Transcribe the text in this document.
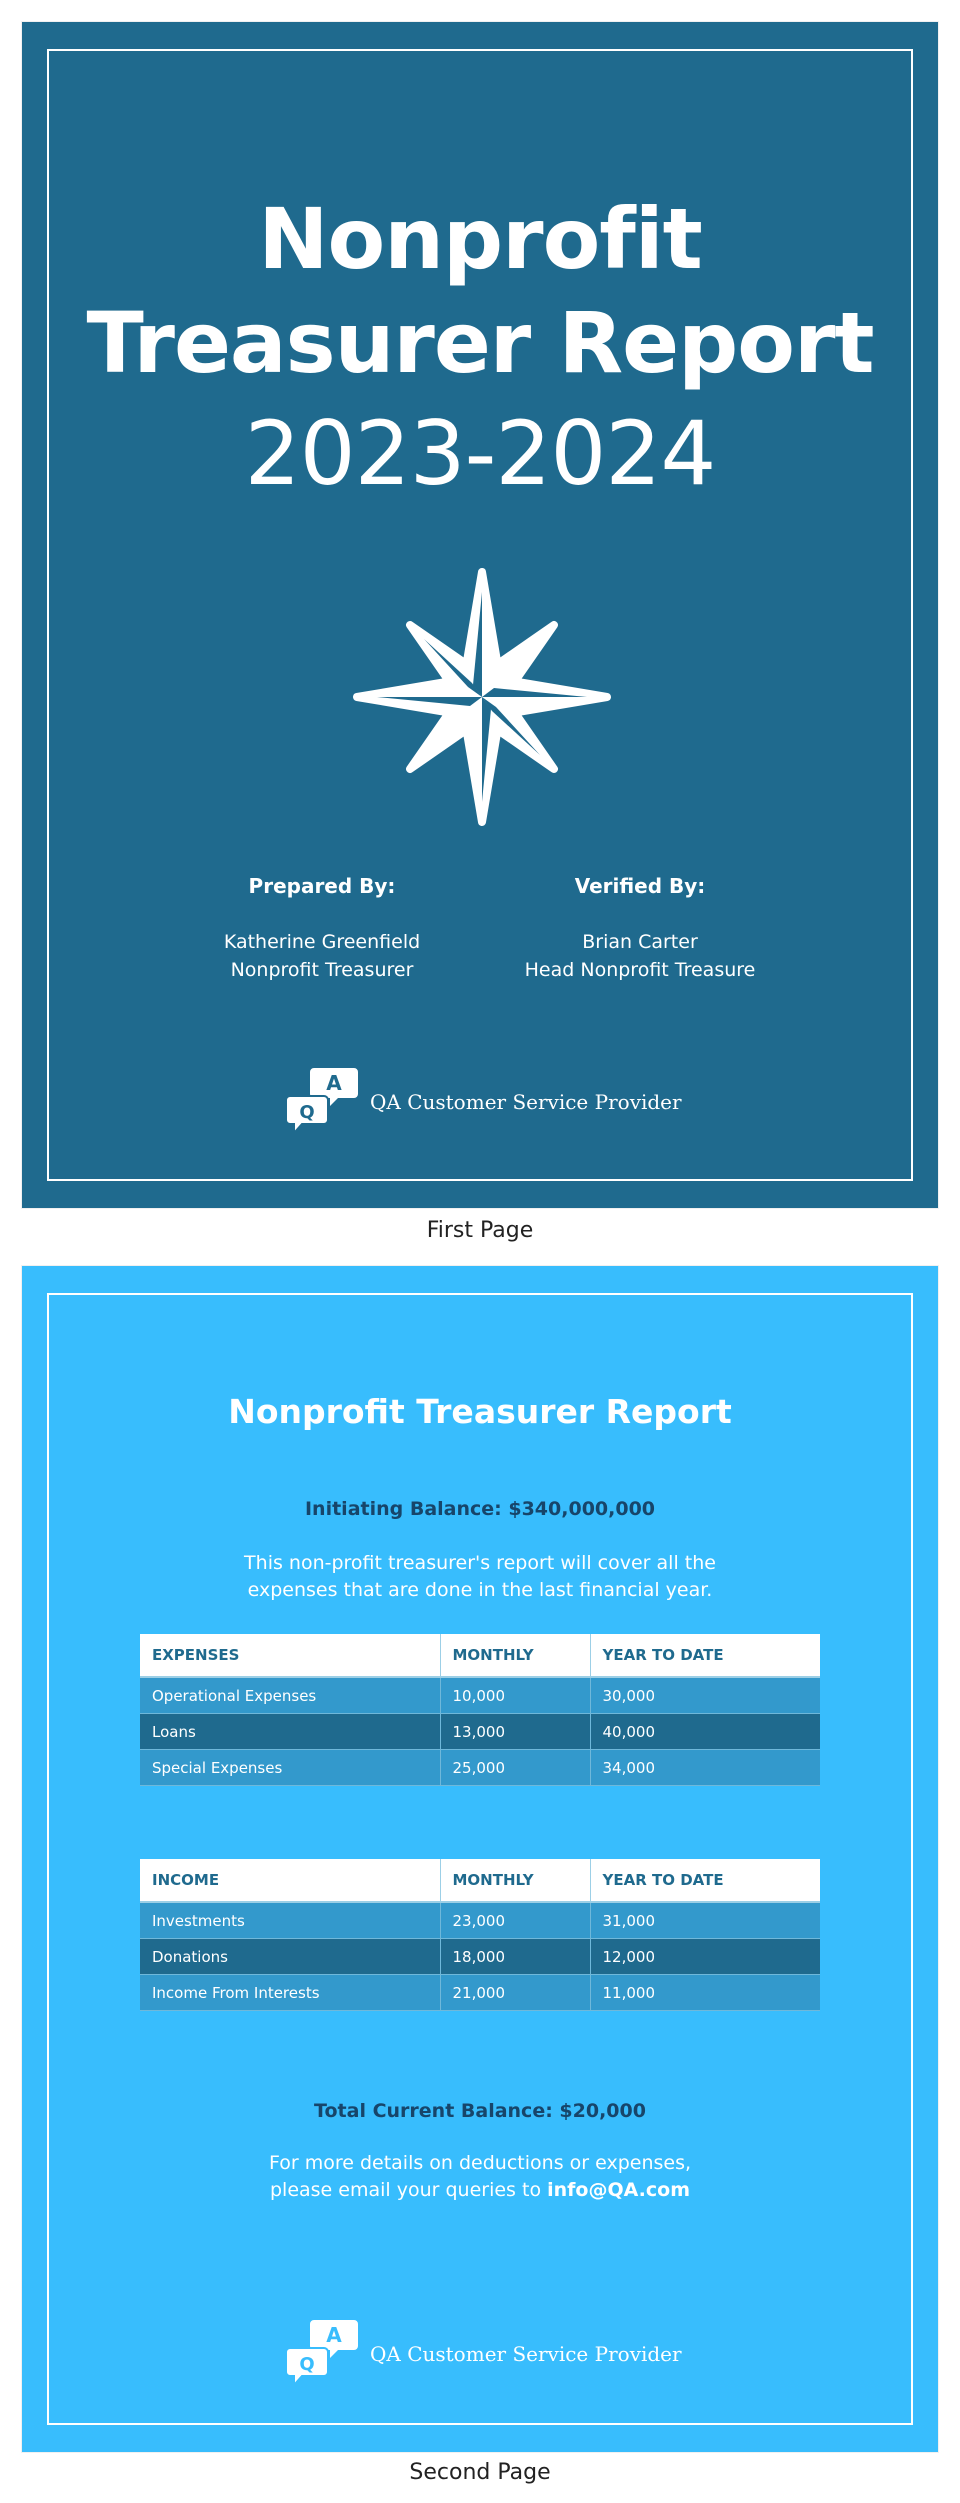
Nonprofit
Treasurer Report
2023-2024
Prepared By:
Katherine Greenfield
Nonprofit Treasurer
Verified By:
Brian Carter
Head Nonprofit Treasure
A
Q	QA Customer Service Provider
First Page
Nonprofit Treasurer Report
Initiating Balance: $340,000,000
This non-profit treasurer's report will cover all the
expenses that are done in the last financial year.
EXPENSES	MONTHLY	YEAR TO DATE
Operational Expenses	10,000	30,000
Loans	13,000	40,000
Special Expenses	25,000	34,000
INCOME	MONTHLY	YEAR TO DATE
Investments	23,000	31,000
Donations	18,000	12,000
Income From Interests	21,000	11,000
Total Current Balance: $20,000
For more details on deductions or expenses,
please email your queries to info@QA.com
A
Q	QA Customer Service Provider
Second Page
